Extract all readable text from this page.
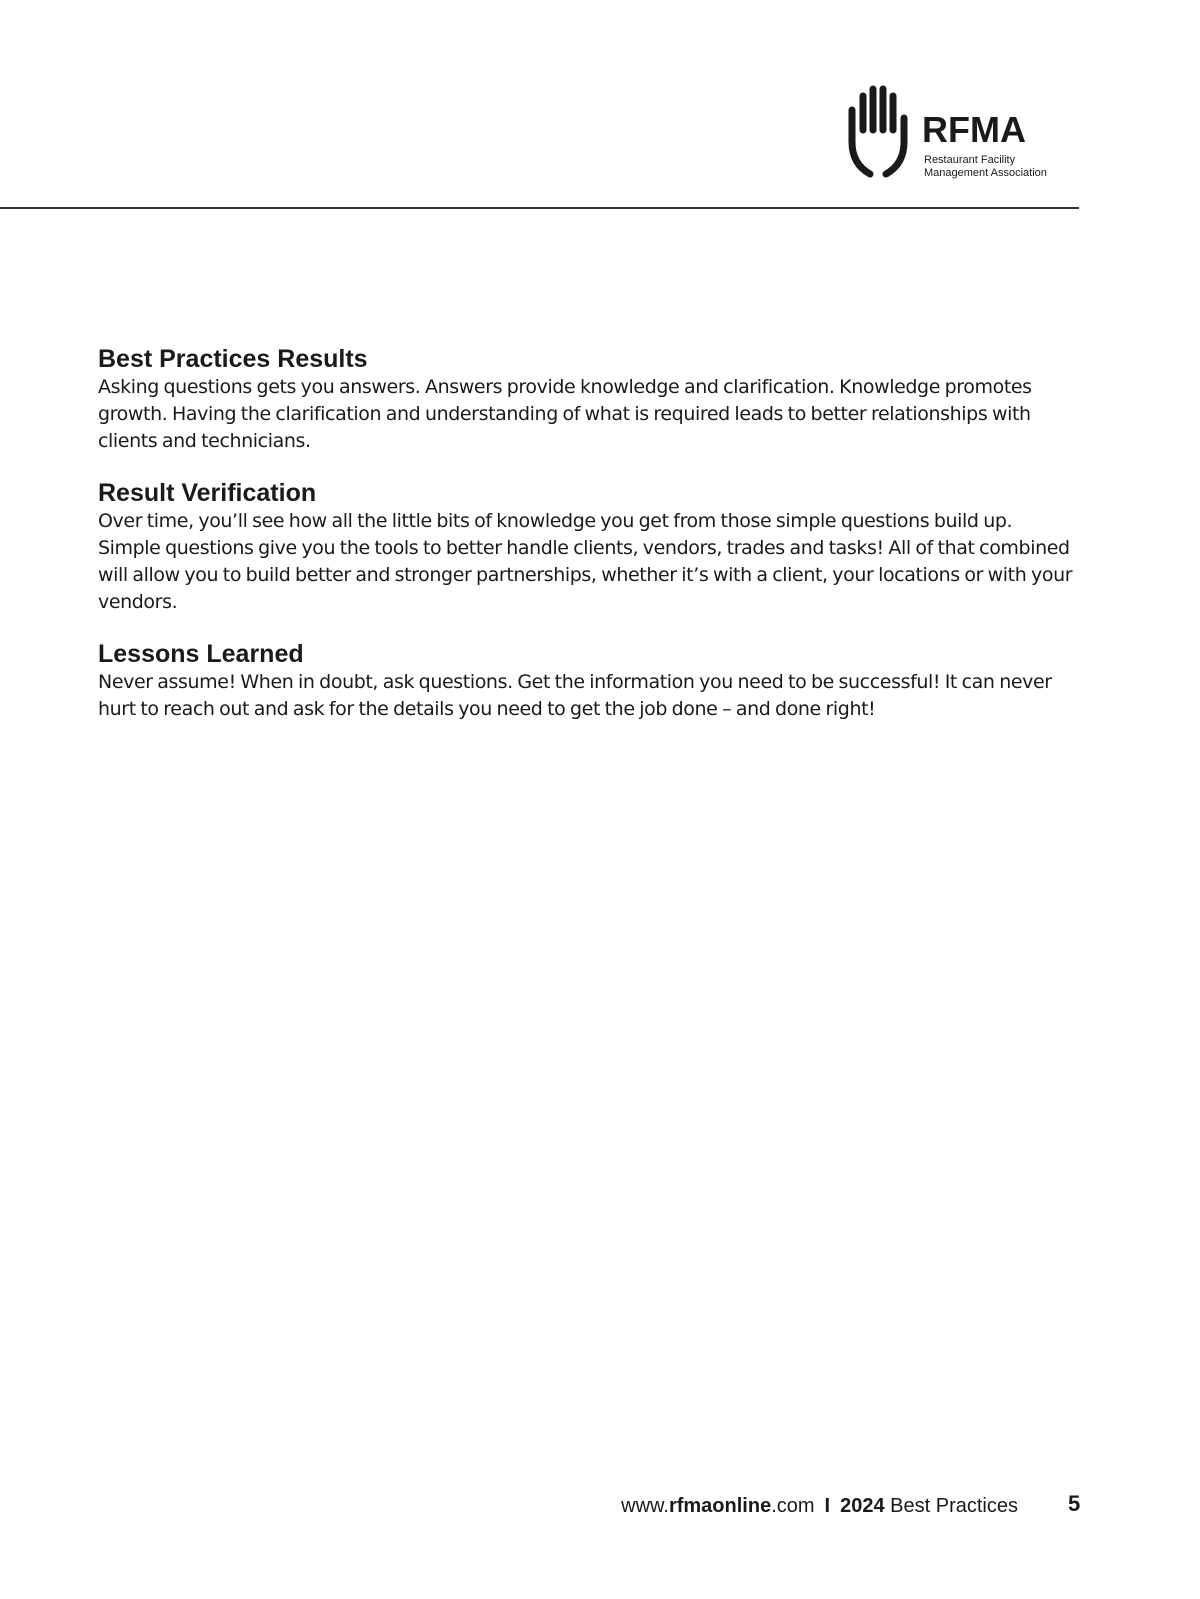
RFMA
Restaurant Facility
Management Association
Best Practices Results

Asking questions gets you answers. Answers provide knowledge and clarification. Knowledge promotes growth. Having the clarification and understanding of what is required leads to better relationships with clients and technicians.

Result Verification

Over time, you’ll see how all the little bits of knowledge you get from those simple questions build up. Simple questions give you the tools to better handle clients, vendors, trades and tasks! All of that combined will allow you to build better and stronger partnerships, whether it’s with a client, your locations or with your vendors.

Lessons Learned

Never assume! When in doubt, ask questions. Get the information you need to be successful! It can never hurt to reach out and ask for the details you need to get the job done – and done right!

www.rfmaonline.com I 2024 Best Practices 5
